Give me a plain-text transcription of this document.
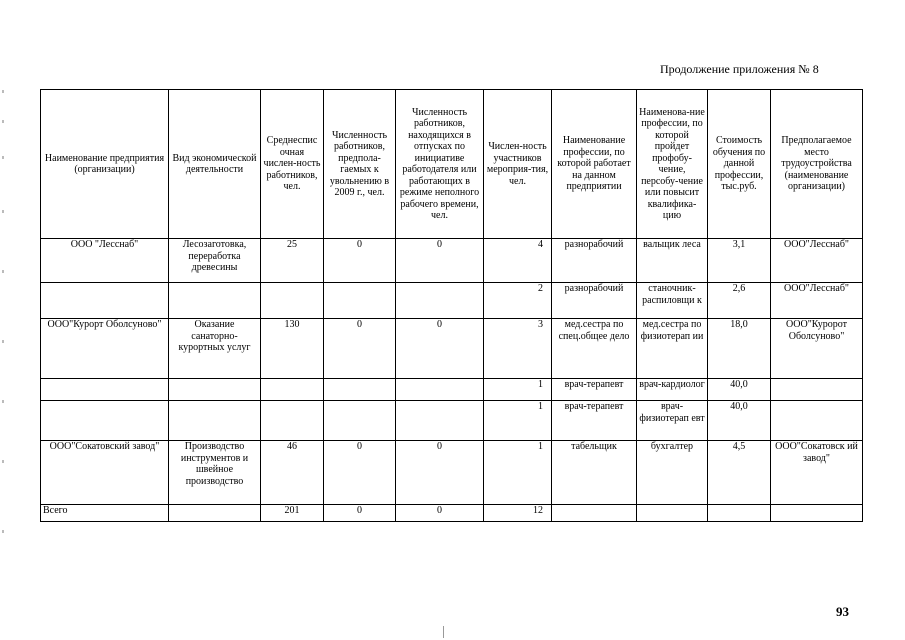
Продолжение приложения № 8
Наименование предприятия (организации)	Вид экономической деятельности	Среднеспис очная числен-ность работников, чел.	Численность работников, предпола-гаемых к увольнению в 2009 г., чел.	Численность работников, находящихся в отпусках по инициативе работодателя или работающих в режиме неполного рабочего времени, чел.	Числен-ность участников мероприя-тия, чел.	Наименование профессии, по которой работает на данном предприятии	Наименова-ние профессии, по которой пройдет профобу-чение, персобу-чение или повысит квалифика-цию	Стоимость обучения по данной профессии, тыс.руб.	Предполагаемое место трудоустройства (наименование организации)
ООО "Лесснаб"	Лесозаготовка, переработка древесины	25	0	0	4	разнорабочий	вальщик леса	3,1	ООО"Лесснаб"
					2	разнорабочий	станочник-распиловщи к	2,6	ООО"Лесснаб"
ООО"Курорт Оболсуново"	Оказание санаторно-курортных услуг	130	0	0	3	мед.сестра по спец.общее дело	мед.сестра по физиотерап ии	18,0	ООО"Куророт Оболсуново"
					1	врач-терапевт	врач-кардиолог	40,0	
					1	врач-терапевт	врач-физиотерап евт	40,0	
ООО"Сокатовский завод"	Производство инструментов и швейное производство	46	0	0	1	табельщик	бухгалтер	4,5	ООО"Сокатовск ий завод"
Всего		201	0	0	12				
93
